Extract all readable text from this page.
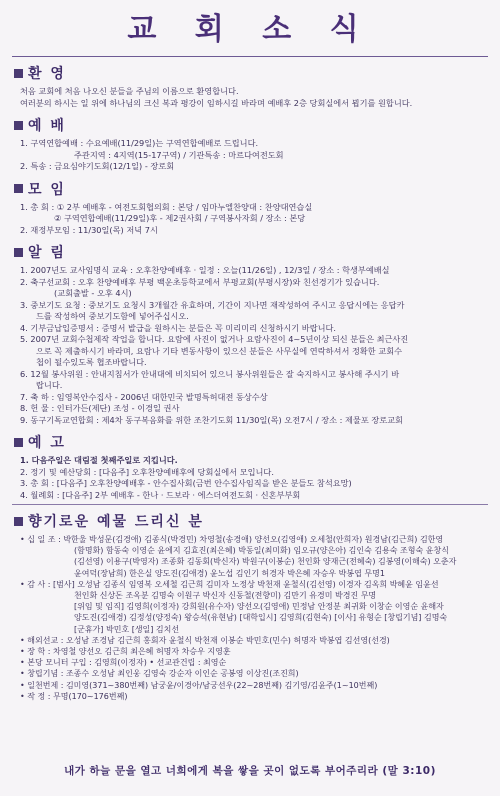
교 회 소 식
환 영
처음 교회에 처음 나오신 분들을 주님의 이름으로 환영합니다.
여러분의 하시는 일 위에 하나님의 크신 복과 평강이 임하시길 바라며 예배후 2층 당회실에서 뵙기를 원합니다.
예 배
1. 구역연합예배 : 수요예배(11/29일)는 구역연합예배로 드립니다.
주관지역 : 4지역(15-17구역) / 기관특송 : 마르다여전도회
2. 특송 : 금요심야기도회(12/1일) - 장로회
모 임
1. 총 회 : ① 2부 예배후 - 여전도회협의회 : 본당 / 임마누엘찬양대 : 찬양대연습실
② 구역연합예배(11/29일)후 - 제2권사회 / 구역봉사자회 / 장소 : 본당
2. 재정부모임 : 11/30일(목) 저녁 7시
알 림
1. 2007년도 교사임명식 교육 : 오후찬양예배후 · 일정 : 오늘(11/26일) , 12/3일 / 장소 : 학생부예배실
2. 축구선교회 : 오후 찬양예배후 부평 백운초등학교에서 부평교회(부평시장)와 친선경기가 있습니다.
(교회출발 - 오후 4시)
3. 중보기도 요청 : 중보기도 요청시 3개월간 유효하며, 기간이 지나면 재작성하여 주시고 응답시에는 응답카
드를 작성하여 중보기도함에 넣어주십시오.
4. 기부금납입증명서 : 증명서 발급을 원하시는 분들은 꼭 미리미리 신청하시기 바랍니다.
5. 2007년 교회수첩제작 작업을 합니다. 요람에 사진이 없거나 요람사진이 4~5년이상 되신 분들은 최근사진
으로 꼭 제출하시기 바라며, 요람나 기타 변동사항이 있으신 분들은 사무실에 연락하셔서 정확한 교회수
첩이 될수있도록 협조바랍니다.
6. 12월 봉사위원 : 안내지침서가 안내대에 비치되어 있으니 봉사위원들은 잘 숙지하시고 봉사해 주시기 바
랍니다.
7. 축 하 : 임영복안수집사 - 2006년 대한민국 발명특허대전 동상수상
8. 헌 물 : 인터가든(제단) 조성 - 이경일 권사
9. 동구기독교연합회 : 제4차 동구복음화를 위한 조찬기도회 11/30일(목) 오전7시 / 장소 : 제물포 장로교회
예 고
1. 다음주일은 대림절 첫째주일로 지킵니다.
2. 정기 및 예산당회 : [다음주] 오후찬양예배후에 당회실에서 모입니다.
3. 총 회 : [다음주] 오후찬양예배후 - 안수집사회(금번 안수집사임직을 받은 분들도 참석요망)
4. 월례회 : [다음주] 2부 예배후 - 한나 · 드보라 · 에스더여전도회 · 신혼부부회
향기로운 예물 드리신 분
• 십 일 조 : 박한울 박성문(김경애) 김종식(박경민) 차영철(송경애) 양선오(김영애) 오세철(안희자) 원경남(김근희) 김한영
(함명화) 함동숙 이영순 윤에지 김효진(최은혜) 박동일(최미화) 임오규(양은아) 김인숙 김용숙 조형숙 윤창식
(김선영) 이용구(박영자) 조종화 김동회(박신자) 박원구(이봉순) 천인화 양재근(전혜숙) 김봉영(이해숙) 오춘자
윤여덕(장남희) 한은실 양도진(김애경) 윤노섭 김인기 허경자 박은혜 자승우 박봉엽 무명1
• 감 사 : [범사] 오성남 김종식 임영복 오세철 김근희 김미자 노정상 박천재 윤철식(김선영) 이경자 김옥희 박혜윤 임윤선
천인화 신상돈 조옥분 김명숙 이원구 박신자 신동철(전향미) 김만기 유경미 박경진 무명
[위임 및 임직] 김영희(이정자) 강희원(유수자) 양선오(김영애) 민정남 안정분 최귀화 이창순 이영순 윤해자
양도진(김애경) 김정성(양정숙) 왕승석(유현남) [대학입시] 김영희(김현숙) [이사] 유형순 [창립기념] 김명숙
[군휴가] 박민호 [생일] 김치선
• 해외선교 : 오성남 조경남 김근희 홍회자 윤철식 박천재 이봉순 박민호(민수) 허명자 박봉엽 김선영(선경)
• 장 학 : 차영철 양선오 김근희 최은혜 허명자 차승우 지영훈
• 본당 모니터 구입 : 김영희(이정자) • 선교관건립 : 최영순
• 창립기념 : 조종수 오성남 최인웅 김영숙 강순자 이인순 공봉영 이상진(조진희)
• 일천번제 : 김미영(371~380번째) 남궁윤/이경아/남궁선우(22~28번째) 김기영/김윤주(1~10번째)
• 작 정 : 무명(170~176번째)
내가 하늘 문을 열고 너희에게 복을 쌓을 곳이 없도록 부어주리라 (말 3:10)
